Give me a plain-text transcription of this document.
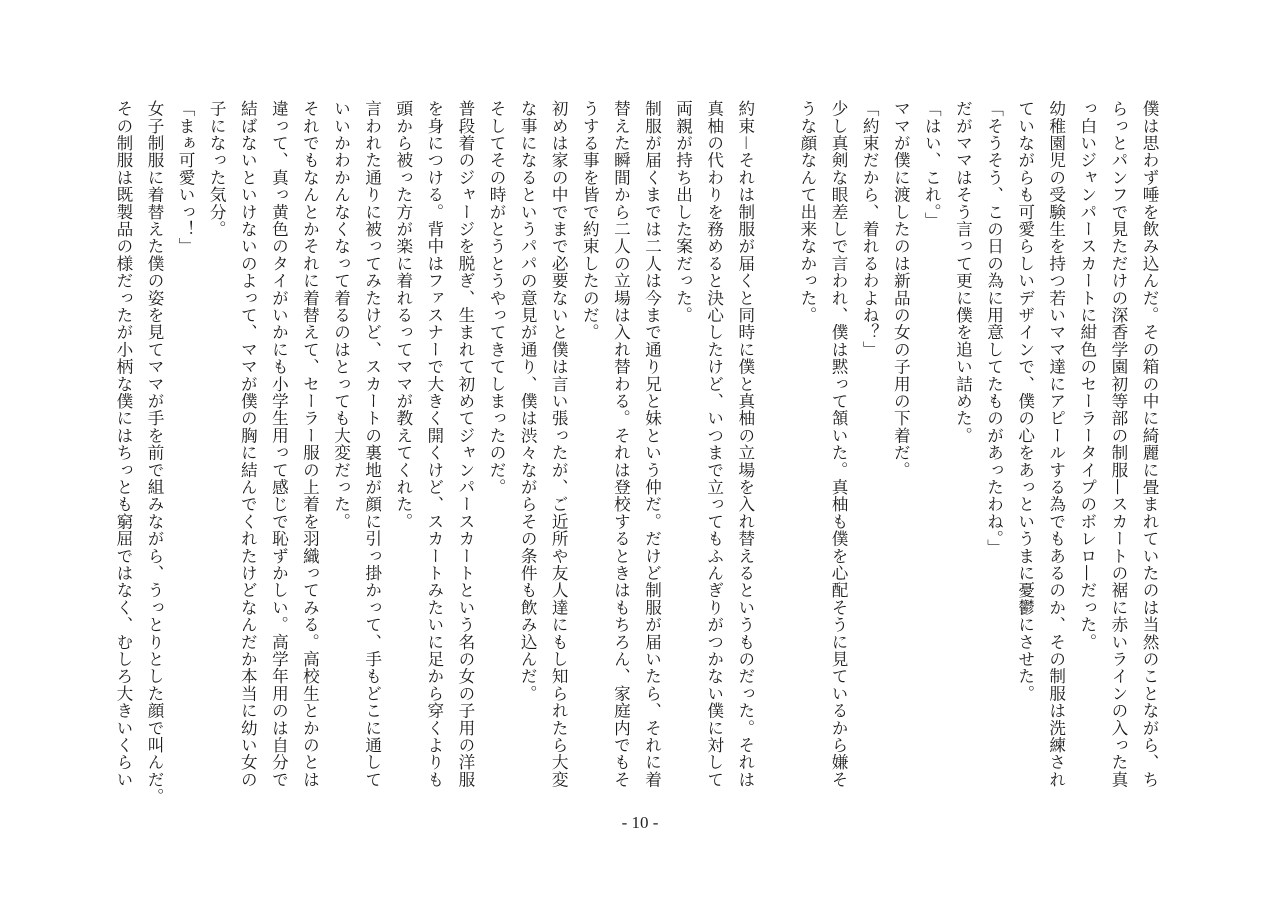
僕は思わず唾を飲み込んだ。その箱の中に綺麗に畳まれていたのは当然のことながら、ち
らっとパンフで見ただけの深香学園初等部の制服—スカートの裾に赤いラインの入った真
っ白いジャンパースカートに紺色のセーラータイプのボレロ—だった。
幼稚園児の受験生を持つ若いママ達にアピールする為でもあるのか、その制服は洗練され
ていながらも可愛らしいデザインで、僕の心をあっというまに憂鬱にさせた。
「そうそう、この日の為に用意してたものがあったわね。」
だがママはそう言って更に僕を追い詰めた。
「はい、これ。」
ママが僕に渡したのは新品の女の子用の下着だ。
「約束だから、着れるわよね？」
少し真剣な眼差しで言われ、僕は黙って頷いた。真柚も僕を心配そうに見ているから嫌そ
うな顔なんて出来なかった。
約束－それは制服が届くと同時に僕と真柚の立場を入れ替えるというものだった。それは
真柚の代わりを務めると決心したけど、いつまで立ってもふんぎりがつかない僕に対して
両親が持ち出した案だった。
制服が届くまでは二人は今まで通り兄と妹という仲だ。だけど制服が届いたら、それに着
替えた瞬間から二人の立場は入れ替わる。それは登校するときはもちろん、家庭内でもそ
うする事を皆で約束したのだ。
初めは家の中でまで必要ないと僕は言い張ったが、ご近所や友人達にもし知られたら大変
な事になるというパパの意見が通り、僕は渋々ながらその条件も飲み込んだ。
そしてその時がとうとうやってきてしまったのだ。
普段着のジャージを脱ぎ、生まれて初めてジャンパースカートという名の女の子用の洋服
を身につける。背中はファスナーで大きく開くけど、スカートみたいに足から穿くよりも
頭から被った方が楽に着れるってママが教えてくれた。
言われた通りに被ってみたけど、スカートの裏地が顔に引っ掛かって、手もどこに通して
いいかわかんなくなって着るのはとっても大変だった。
それでもなんとかそれに着替えて、セーラー服の上着を羽織ってみる。高校生とかのとは
違って、真っ黄色のタイがいかにも小学生用って感じで恥ずかしい。高学年用のは自分で
結ばないといけないのよって、ママが僕の胸に結んでくれたけどなんだか本当に幼い女の
子になった気分。
「まぁ可愛いっ！」
女子制服に着替えた僕の姿を見てママが手を前で組みながら、うっとりとした顔で叫んだ。
その制服は既製品の様だったが小柄な僕にはちっとも窮屈ではなく、むしろ大きいくらい
- 10 -
